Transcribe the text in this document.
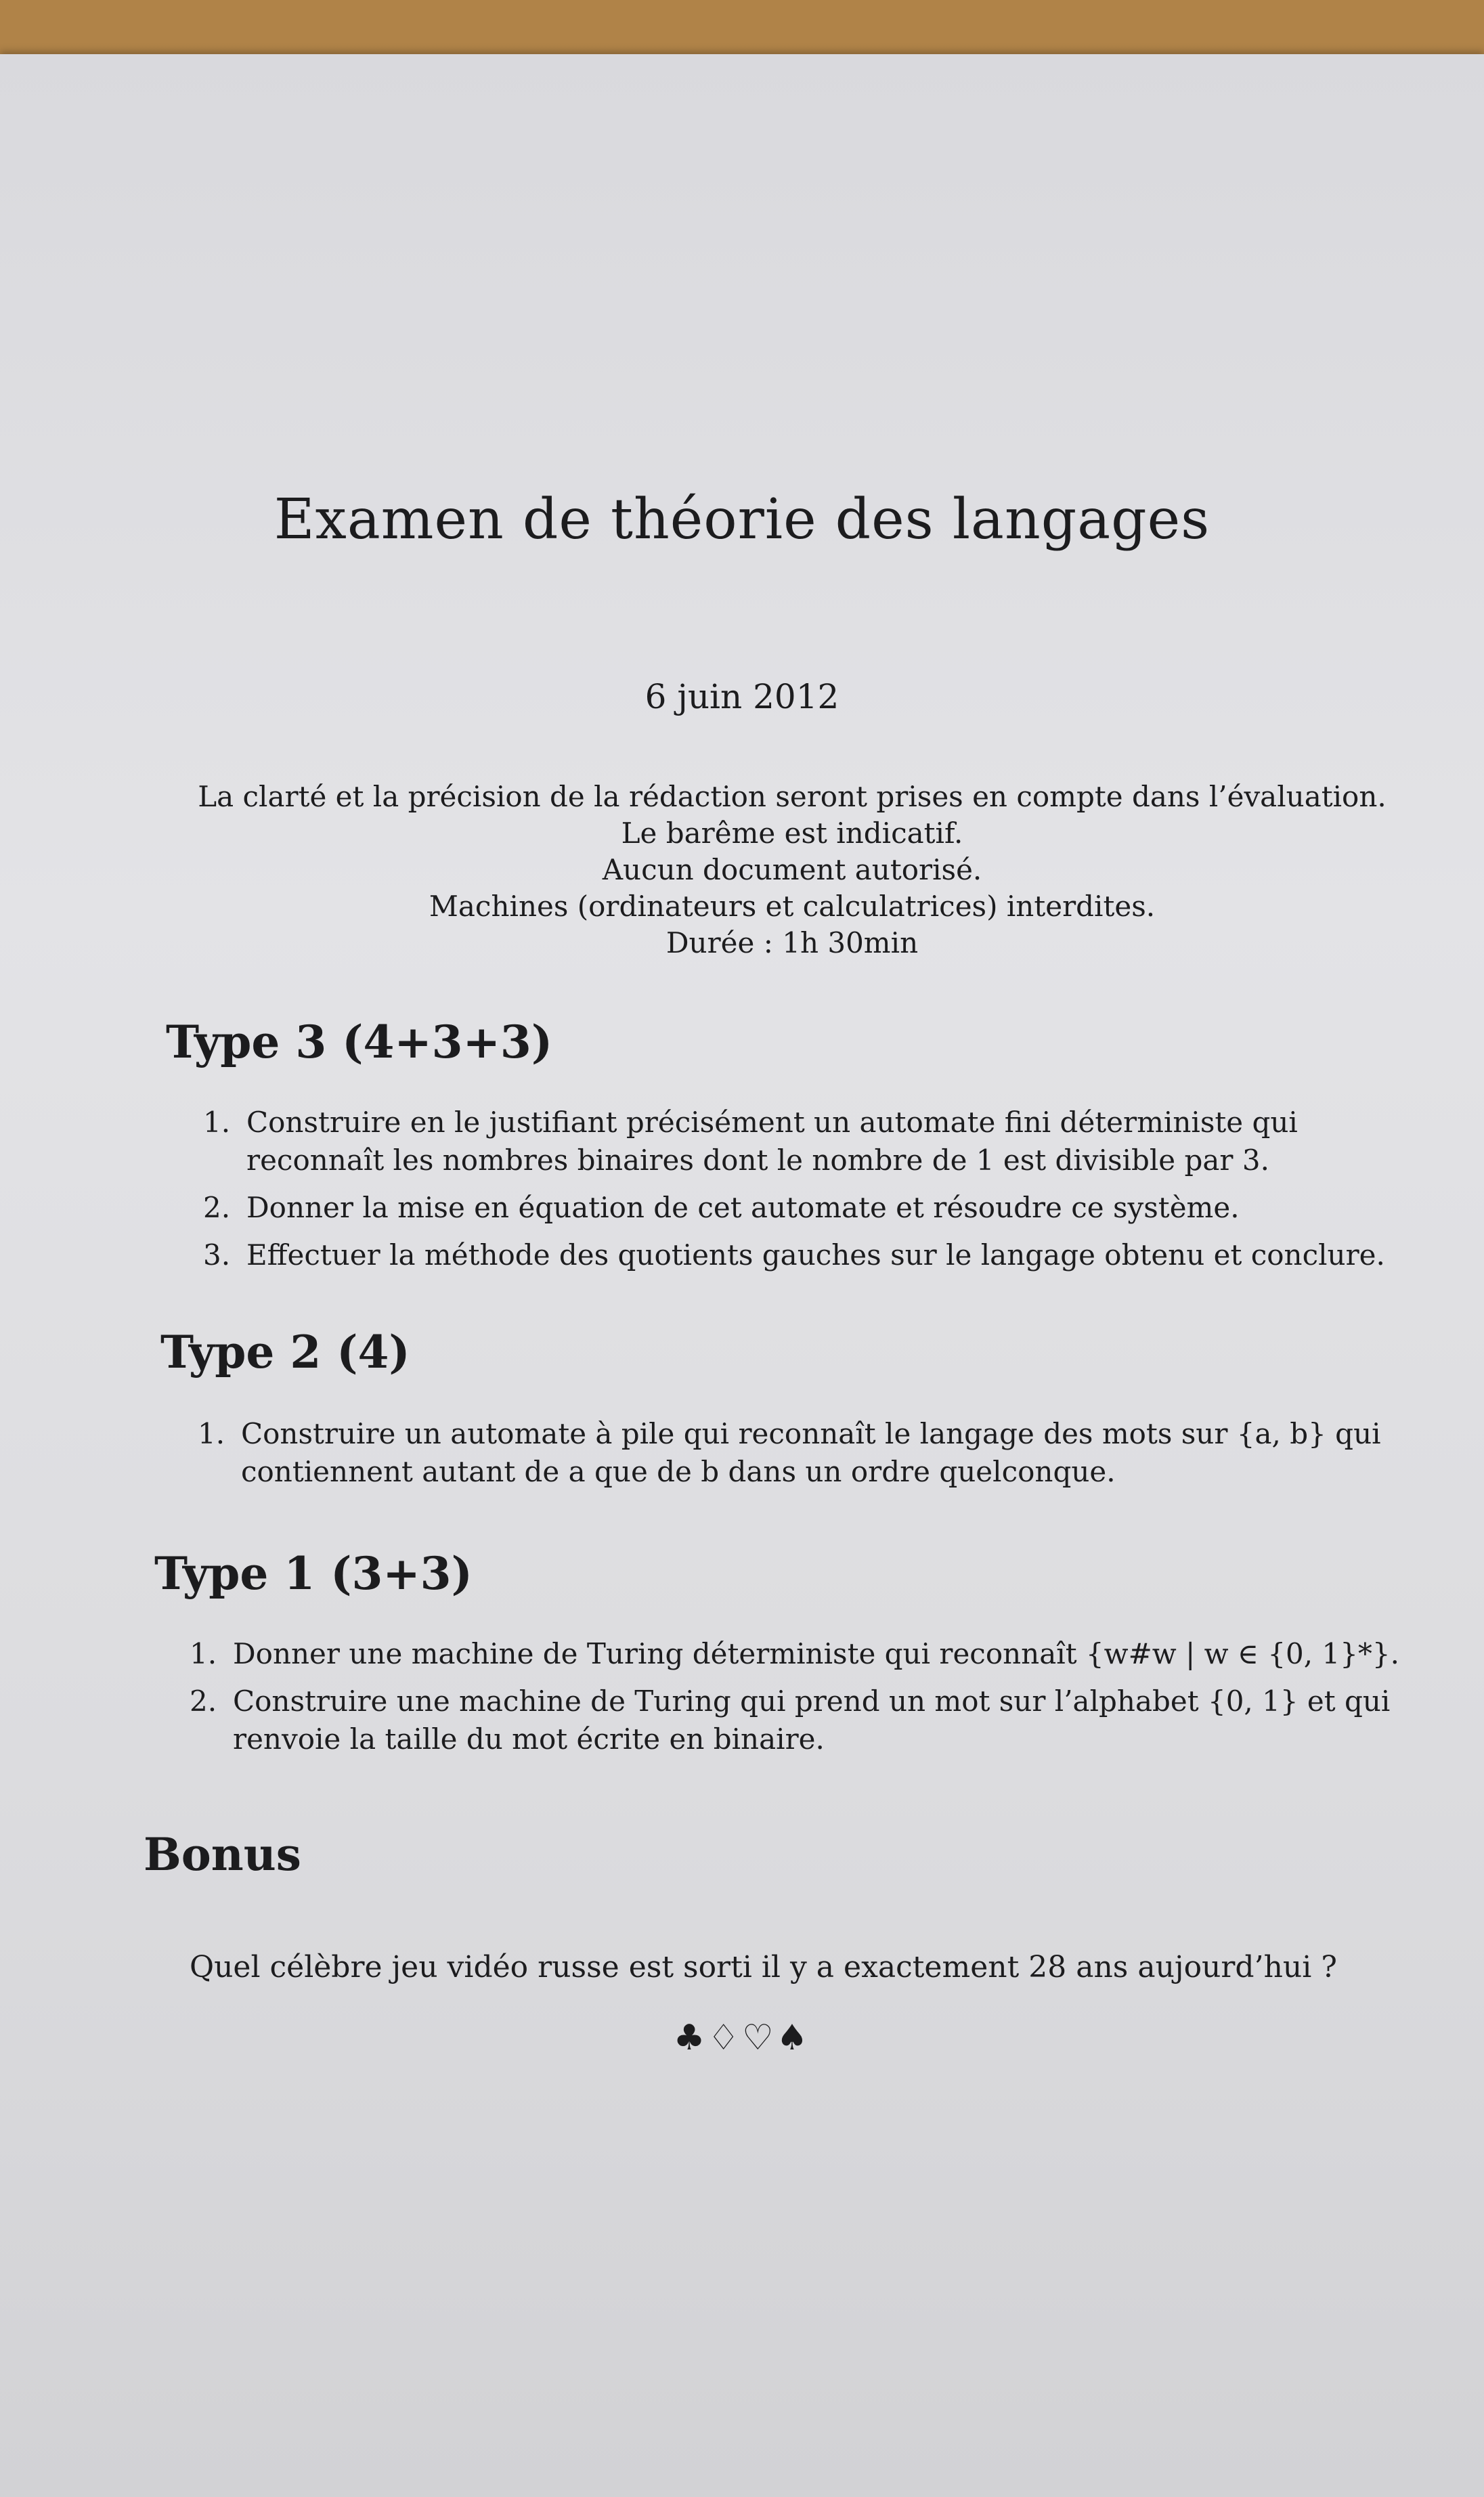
Examen de théorie des langages
6 juin 2012
La clarté et la précision de la rédaction seront prises en compte dans l’évaluation.
Le barême est indicatif.
Aucun document autorisé.
Machines (ordinateurs et calculatrices) interdites.
Durée : 1h 30min
Type 3 (4+3+3)
1. Construire en le justifiant précisément un automate fini déterministe qui reconnaît les nombres binaires dont le nombre de 1 est divisible par 3.
2. Donner la mise en équation de cet automate et résoudre ce système.
3. Effectuer la méthode des quotients gauches sur le langage obtenu et conclure.
Type 2 (4)
1. Construire un automate à pile qui reconnaît le langage des mots sur {a, b} qui contiennent autant de a que de b dans un ordre quelconque.
Type 1 (3+3)
1. Donner une machine de Turing déterministe qui reconnaît {w#w | w ∈ {0, 1}*}.
2. Construire une machine de Turing qui prend un mot sur l’alphabet {0, 1} et qui renvoie la taille du mot écrite en binaire.
Bonus
Quel célèbre jeu vidéo russe est sorti il y a exactement 28 ans aujourd’hui ?
♣♢♡♠
